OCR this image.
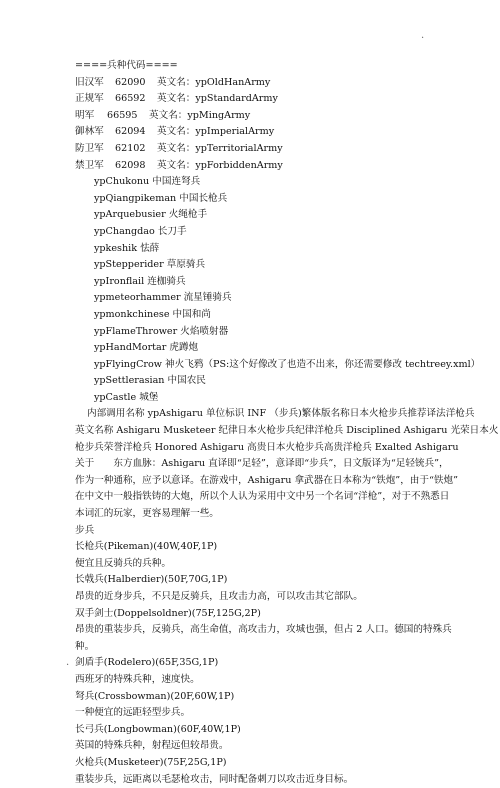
.
====兵种代码====
旧汉军 62090 英文名：ypOldHanArmy
正规军 66592 英文名：ypStandardArmy
明军 66595 英文名：ypMingArmy
御林军 62094 英文名：ypImperialArmy
防卫军 62102 英文名：ypTerritorialArmy
禁卫军 62098 英文名：ypForbiddenArmy
ypChukonu 中国连弩兵
ypQiangpikeman 中国长枪兵
ypArquebusier 火绳枪手
ypChangdao 长刀手
ypkeshik 怯薛
ypStepperider 草原骑兵
ypIronflail 连枷骑兵
ypmeteorhammer 流星锤骑兵
ypmonkchinese 中国和尚
ypFlameThrower 火焰喷射器
ypHandMortar 虎蹲炮
ypFlyingCrow 神火飞鸦（PS:这个好像改了也造不出来，你还需要修改 techtreey.xml）
ypSettlerasian 中国农民
ypCastle 城堡
内部调用名称 ypAshigaru 单位标识 INF （步兵)繁体版名称日本火枪步兵推荐译法洋枪兵
英文名称 Ashigaru Musketeer 纪律日本火枪步兵纪律洋枪兵 Disciplined Ashigaru 光荣日本火
枪步兵荣誉洋枪兵 Honored Ashigaru 高贵日本火枪步兵高贵洋枪兵 Exalted Ashigaru
关于　　东方血脉：Ashigaru 直译即“足轻”，意译即“步兵”，日文版译为“足轻铳兵”，
作为一种通称，应予以意译。在游戏中，Ashigaru 拿武器在日本称为“铁炮”，由于“铁炮”
在中文中一般指铁铸的大炮，所以个人认为采用中文中另一个名词“洋枪”，对于不熟悉日
本词汇的玩家，更容易理解一些。
步兵
长枪兵(Pikeman)(40W,40F,1P)
便宜且反骑兵的兵种。
长戟兵(Halberdier)(50F,70G,1P)
昂贵的近身步兵，不只是反骑兵，且攻击力高，可以攻击其它部队。
双手剑士(Doppelsoldner)(75F,125G,2P)
昂贵的重装步兵，反骑兵，高生命值，高攻击力，攻城也强，但占 2 人口。德国的特殊兵
种。
剑盾手(Rodelero)(65F,35G,1P)
西班牙的特殊兵种，速度快。
弩兵(Crossbowman)(20F,60W,1P)
一种便宜的远距轻型步兵。
长弓兵(Longbowman)(60F,40W,1P)
英国的特殊兵种，射程远但较昂贵。
火枪兵(Musketeer)(75F,25G,1P)
重装步兵，远距离以毛瑟枪攻击，同时配备刺刀以攻击近身目标。
.
